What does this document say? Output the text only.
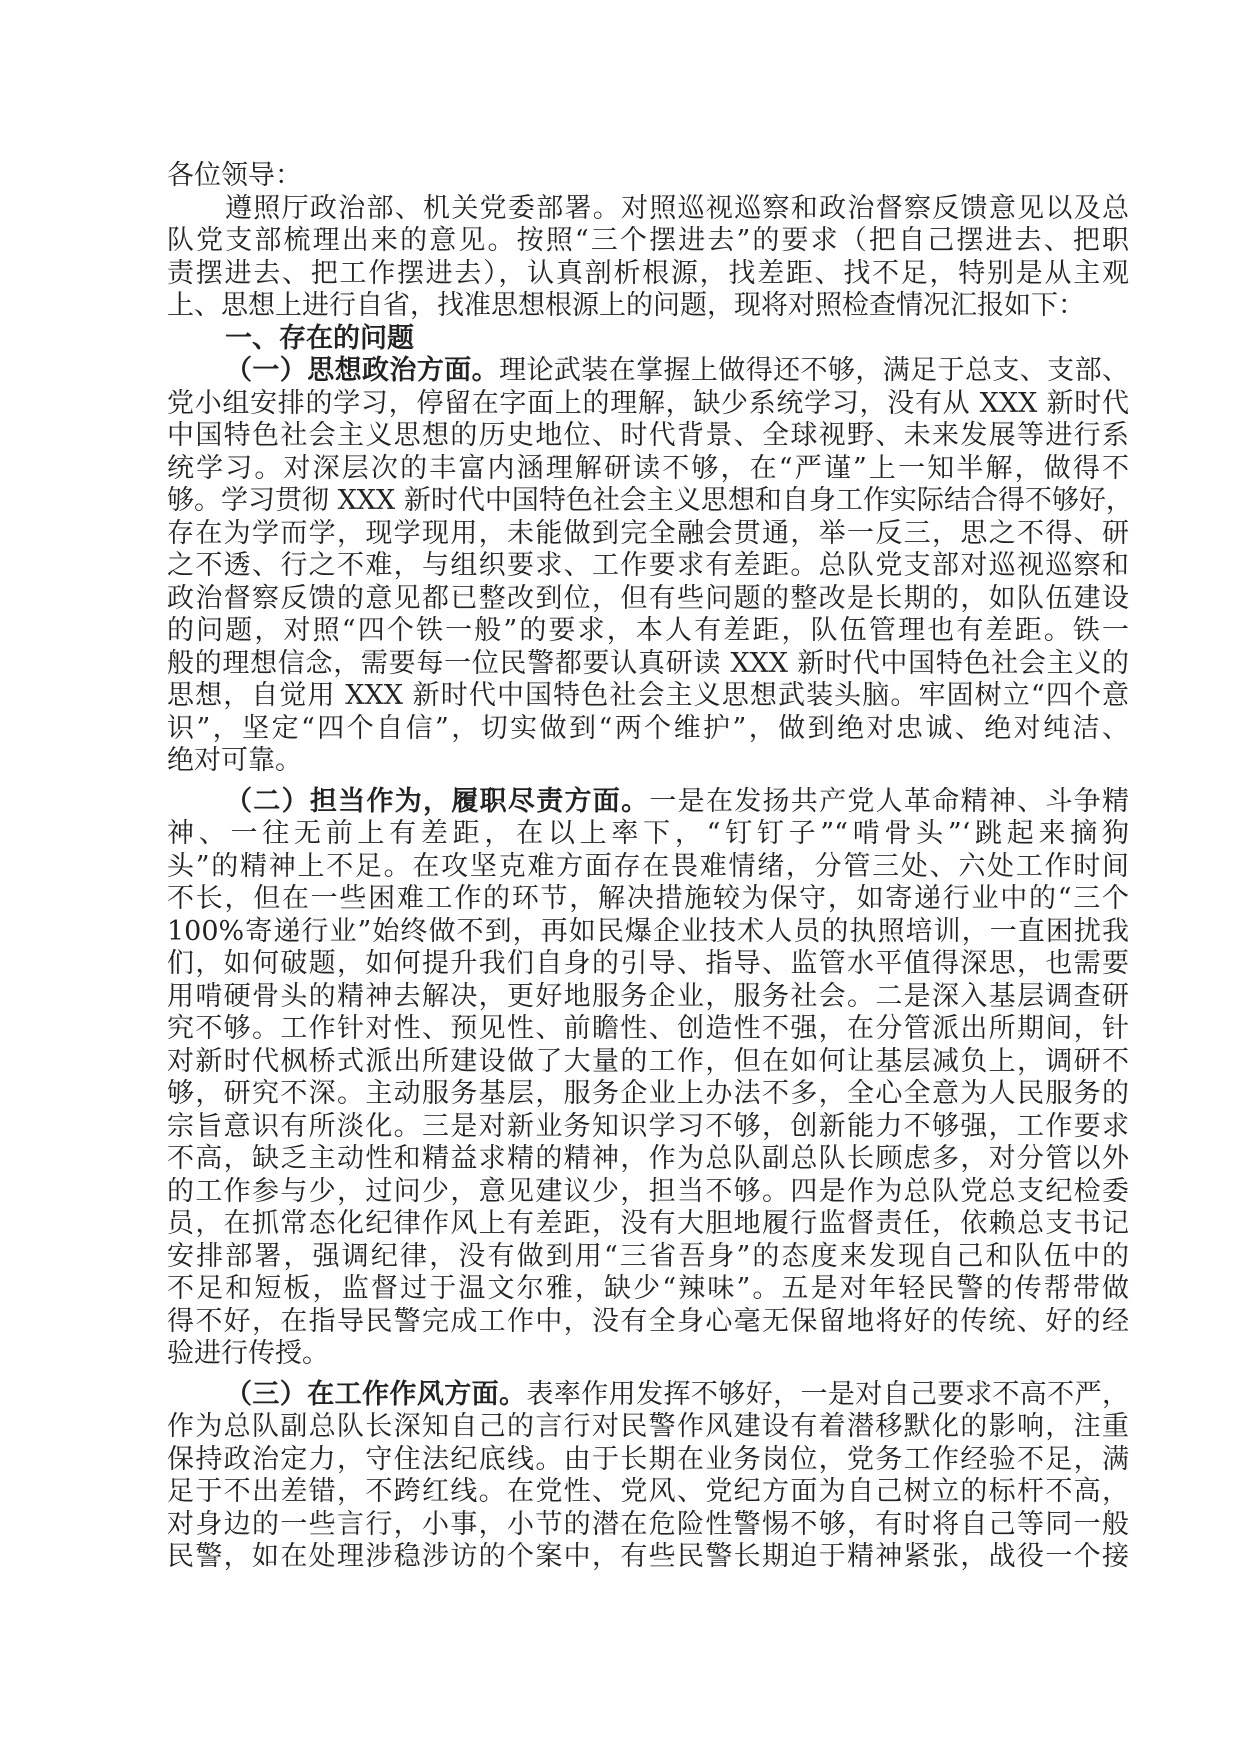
各位领导：
遵照厅政治部、机关党委部署。对照巡视巡察和政治督察反馈意见以及总
队党支部梳理出来的意见。按照“三个摆进去”的要求（把自己摆进去、把职
责摆进去、把工作摆进去），认真剖析根源，找差距、找不足，特别是从主观
上、思想上进行自省，找准思想根源上的问题，现将对照检查情况汇报如下：
一、存在的问题
（一）思想政治方面。理论武装在掌握上做得还不够，满足于总支、支部、
党小组安排的学习，停留在字面上的理解，缺少系统学习，没有从 XXX 新时代
中国特色社会主义思想的历史地位、时代背景、全球视野、未来发展等进行系
统学习。对深层次的丰富内涵理解研读不够，在“严谨”上一知半解，做得不
够。学习贯彻 XXX 新时代中国特色社会主义思想和自身工作实际结合得不够好，
存在为学而学，现学现用，未能做到完全融会贯通，举一反三，思之不得、研
之不透、行之不难，与组织要求、工作要求有差距。总队党支部对巡视巡察和
政治督察反馈的意见都已整改到位，但有些问题的整改是长期的，如队伍建设
的问题，对照“四个铁一般”的要求，本人有差距，队伍管理也有差距。铁一
般的理想信念，需要每一位民警都要认真研读 XXX 新时代中国特色社会主义的
思想，自觉用 XXX 新时代中国特色社会主义思想武装头脑。牢固树立“四个意
识”，坚定“四个自信”，切实做到“两个维护”，做到绝对忠诚、绝对纯洁、
绝对可靠。
（二）担当作为，履职尽责方面。一是在发扬共产党人革命精神、斗争精
神、一往无前上有差距，在以上率下，“钉钉子”“啃骨头”‘跳起来摘狗
头”的精神上不足。在攻坚克难方面存在畏难情绪，分管三处、六处工作时间
不长，但在一些困难工作的环节，解决措施较为保守，如寄递行业中的“三个
100%寄递行业”始终做不到，再如民爆企业技术人员的执照培训，一直困扰我
们，如何破题，如何提升我们自身的引导、指导、监管水平值得深思，也需要
用啃硬骨头的精神去解决，更好地服务企业，服务社会。二是深入基层调查研
究不够。工作针对性、预见性、前瞻性、创造性不强，在分管派出所期间，针
对新时代枫桥式派出所建设做了大量的工作，但在如何让基层减负上，调研不
够，研究不深。主动服务基层，服务企业上办法不多，全心全意为人民服务的
宗旨意识有所淡化。三是对新业务知识学习不够，创新能力不够强，工作要求
不高，缺乏主动性和精益求精的精神，作为总队副总队长顾虑多，对分管以外
的工作参与少，过问少，意见建议少，担当不够。四是作为总队党总支纪检委
员，在抓常态化纪律作风上有差距，没有大胆地履行监督责任，依赖总支书记
安排部署，强调纪律，没有做到用“三省吾身”的态度来发现自己和队伍中的
不足和短板，监督过于温文尔雅，缺少“辣味”。五是对年轻民警的传帮带做
得不好，在指导民警完成工作中，没有全身心毫无保留地将好的传统、好的经
验进行传授。
（三）在工作作风方面。表率作用发挥不够好，一是对自己要求不高不严，
作为总队副总队长深知自己的言行对民警作风建设有着潜移默化的影响，注重
保持政治定力，守住法纪底线。由于长期在业务岗位，党务工作经验不足，满
足于不出差错，不跨红线。在党性、党风、党纪方面为自己树立的标杆不高，
对身边的一些言行，小事，小节的潜在危险性警惕不够，有时将自己等同一般
民警，如在处理涉稳涉访的个案中，有些民警长期迫于精神紧张，战役一个接
